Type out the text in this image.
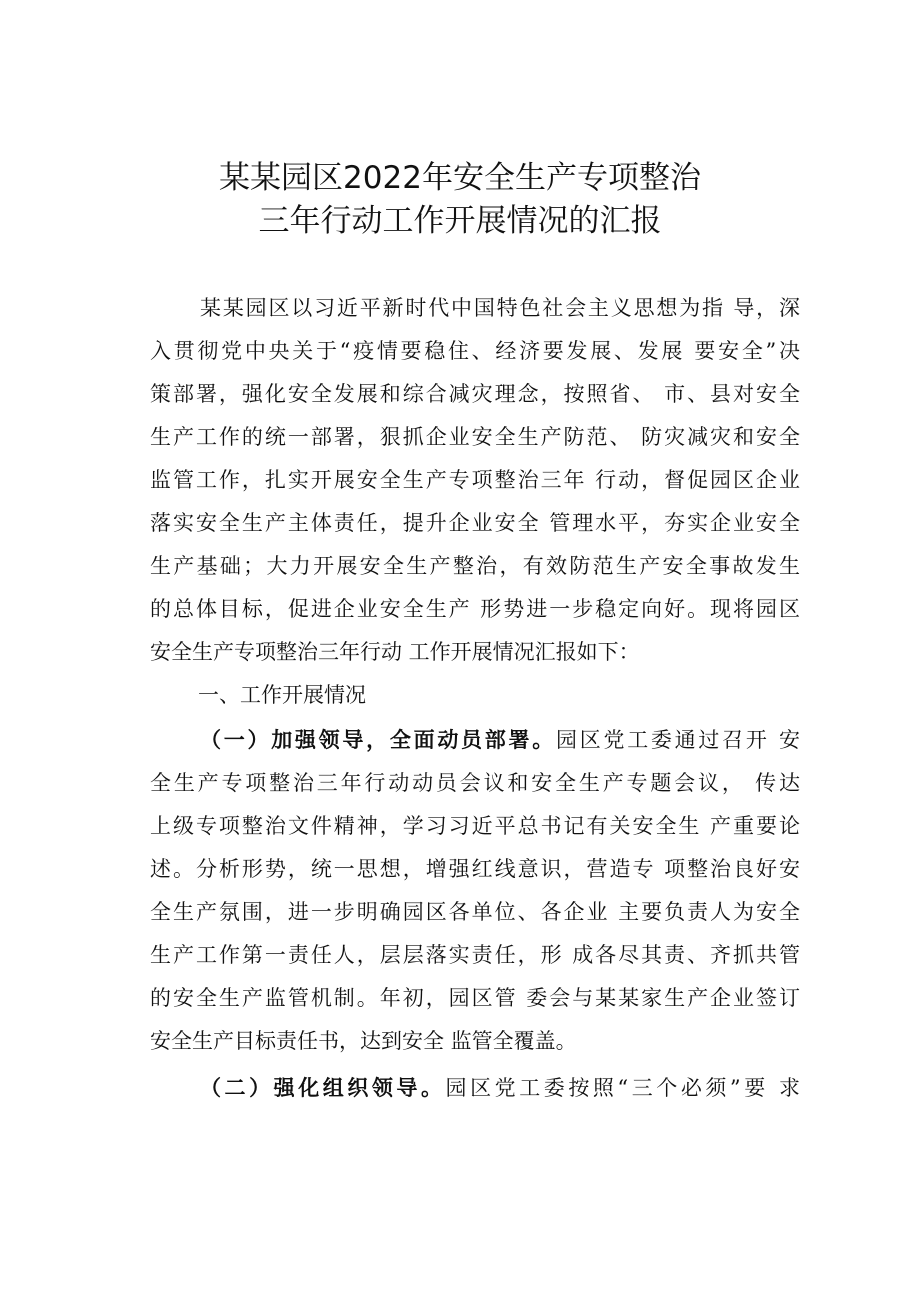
某某园区2022年安全生产专项整治
三年行动工作开展情况的汇报
某某园区以习近平新时代中国特色社会主义思想为指 导，深
入贯彻党中央关于“疫情要稳住、经济要发展、发展 要安全”决
策部署，强化安全发展和综合减灾理念，按照省、 市、县对安全
生产工作的统一部署，狠抓企业安全生产防范、 防灾减灾和安全
监管工作，扎实开展安全生产专项整治三年 行动，督促园区企业
落实安全生产主体责任，提升企业安全 管理水平，夯实企业安全
生产基础；大力开展安全生产整治，有效防范生产安全事故发生
的总体目标，促进企业安全生产 形势进一步稳定向好。现将园区
安全生产专项整治三年行动 工作开展情况汇报如下：
一、工作开展情况
（一）加强领导，全面动员部署。园区党工委通过召开 安
全生产专项整治三年行动动员会议和安全生产专题会议， 传达
上级专项整治文件精神，学习习近平总书记有关安全生 产重要论
述。分析形势，统一思想，增强红线意识，营造专 项整治良好安
全生产氛围，进一步明确园区各单位、各企业 主要负责人为安全
生产工作第一责任人，层层落实责任，形 成各尽其责、齐抓共管
的安全生产监管机制。年初，园区管 委会与某某家生产企业签订
安全生产目标责任书，达到安全 监管全覆盖。
（二）强化组织领导。园区党工委按照“三个必须”要 求
